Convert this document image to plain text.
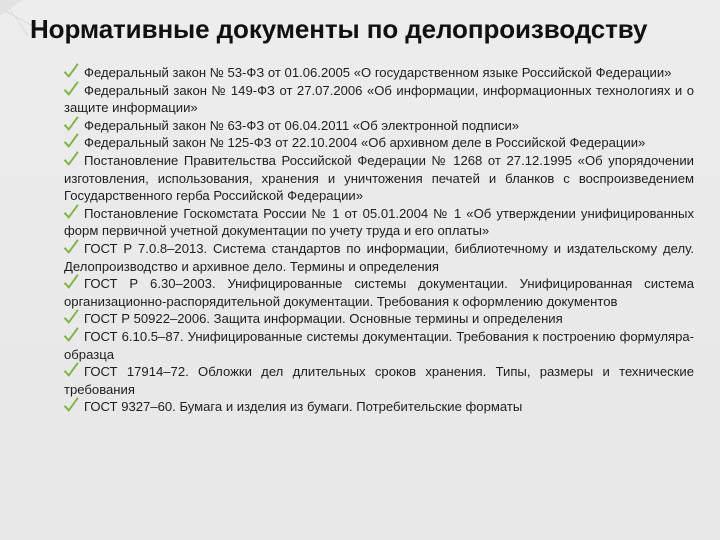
Нормативные документы по делопроизводству

Федеральный закон № 53-ФЗ от 01.06.2005 «О государственном языке Российской Федерации»

Федеральный закон № 149-ФЗ от 27.07.2006 «Об информации, информационных технологиях и о защите информации»

Федеральный закон № 63-ФЗ от 06.04.2011 «Об электронной подписи»

Федеральный закон № 125-ФЗ от 22.10.2004 «Об архивном деле в Российской Федерации»

Постановление Правительства Российской Федерации № 1268 от 27.12.1995 «Об упорядочении изготовления, использования, хранения и уничтожения печатей и бланков с воспроизведением Государственного герба Российской Федерации»

Постановление Госкомстата России № 1 от 05.01.2004 № 1 «Об утверждении унифицированных форм первичной учетной документации по учету труда и его оплаты»

ГОСТ Р 7.0.8–2013. Система стандартов по информации, библиотечному и издательскому делу. Делопроизводство и архивное дело. Термины и определения

ГОСТ Р 6.30–2003. Унифицированные системы документации. Унифицированная система организационно-распорядительной документации. Требования к оформлению документов

ГОСТ Р 50922–2006. Защита информации. Основные термины и определения

ГОСТ 6.10.5–87. Унифицированные системы документации. Требования к построению формуляра-образца

ГОСТ 17914–72. Обложки дел длительных сроков хранения. Типы, размеры и технические требования

ГОСТ 9327–60. Бумага и изделия из бумаги. Потребительские форматы
